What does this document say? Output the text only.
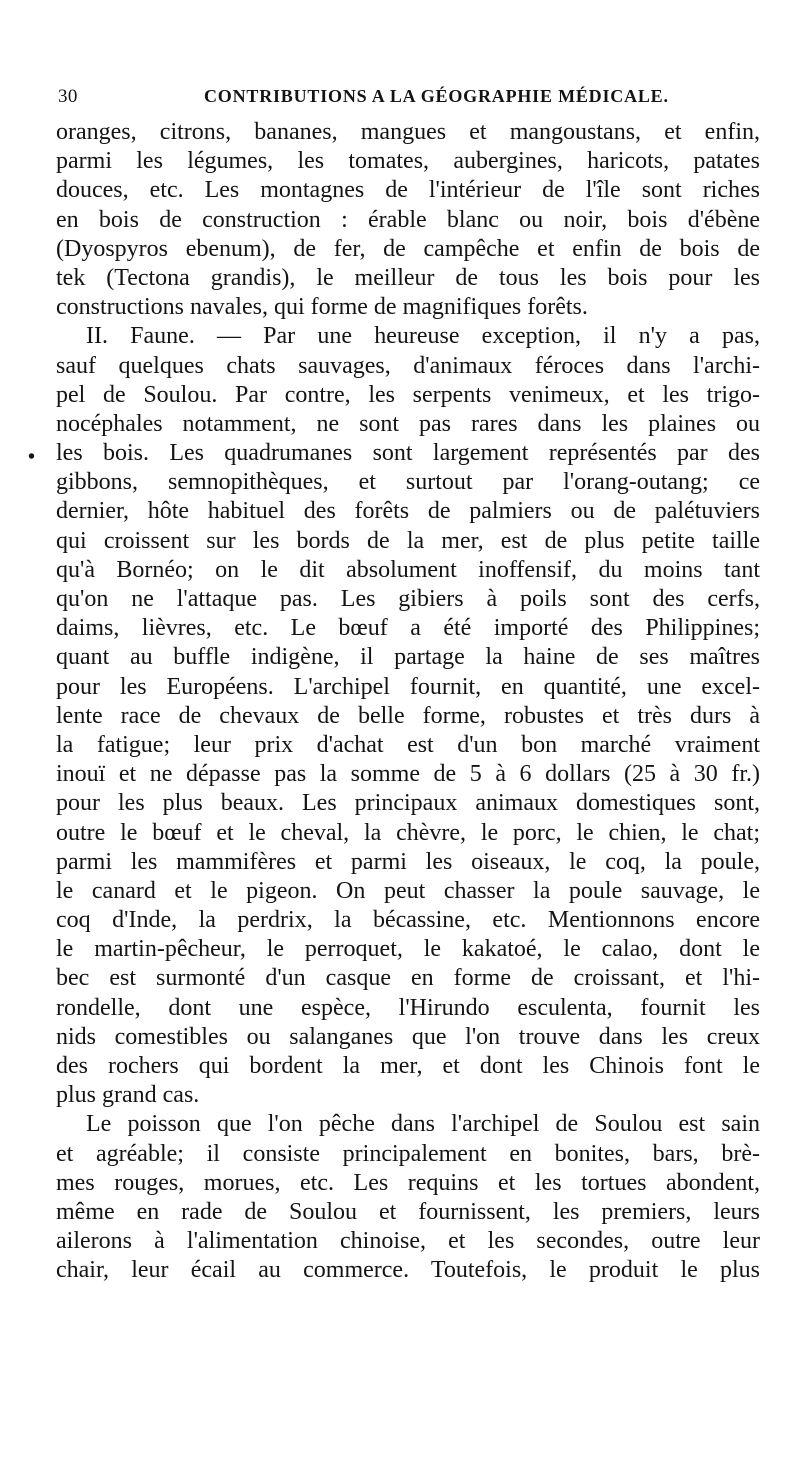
30	CONTRIBUTIONS A LA GÉOGRAPHIE MÉDICALE.
•
oranges, citrons, bananes, mangues et mangoustans, et enfin,
parmi les légumes, les tomates, aubergines, haricots, patates
douces, etc. Les montagnes de l'intérieur de l'île sont riches
en bois de construction : érable blanc ou noir, bois d'ébène
(Dyospyros ebenum), de fer, de campêche et enfin de bois de
tek (Tectona grandis), le meilleur de tous les bois pour les
constructions navales, qui forme de magnifiques forêts.
II. Faune. — Par une heureuse exception, il n'y a pas,
sauf quelques chats sauvages, d'animaux féroces dans l'archi-
pel de Soulou. Par contre, les serpents venimeux, et les trigo-
nocéphales notamment, ne sont pas rares dans les plaines ou
les bois. Les quadrumanes sont largement représentés par des
gibbons, semnopithèques, et surtout par l'orang-outang; ce
dernier, hôte habituel des forêts de palmiers ou de palétuviers
qui croissent sur les bords de la mer, est de plus petite taille
qu'à Bornéo; on le dit absolument inoffensif, du moins tant
qu'on ne l'attaque pas. Les gibiers à poils sont des cerfs,
daims, lièvres, etc. Le bœuf a été importé des Philippines;
quant au buffle indigène, il partage la haine de ses maîtres
pour les Européens. L'archipel fournit, en quantité, une excel-
lente race de chevaux de belle forme, robustes et très durs à
la fatigue; leur prix d'achat est d'un bon marché vraiment
inouï et ne dépasse pas la somme de 5 à 6 dollars (25 à 30 fr.)
pour les plus beaux. Les principaux animaux domestiques sont,
outre le bœuf et le cheval, la chèvre, le porc, le chien, le chat;
parmi les mammifères et parmi les oiseaux, le coq, la poule,
le canard et le pigeon. On peut chasser la poule sauvage, le
coq d'Inde, la perdrix, la bécassine, etc. Mentionnons encore
le martin-pêcheur, le perroquet, le kakatoé, le calao, dont le
bec est surmonté d'un casque en forme de croissant, et l'hi-
rondelle, dont une espèce, l'Hirundo esculenta, fournit les
nids comestibles ou salanganes que l'on trouve dans les creux
des rochers qui bordent la mer, et dont les Chinois font le
plus grand cas.
Le poisson que l'on pêche dans l'archipel de Soulou est sain
et agréable; il consiste principalement en bonites, bars, brè-
mes rouges, morues, etc. Les requins et les tortues abondent,
même en rade de Soulou et fournissent, les premiers, leurs
ailerons à l'alimentation chinoise, et les secondes, outre leur
chair, leur écail au commerce. Toutefois, le produit le plus
